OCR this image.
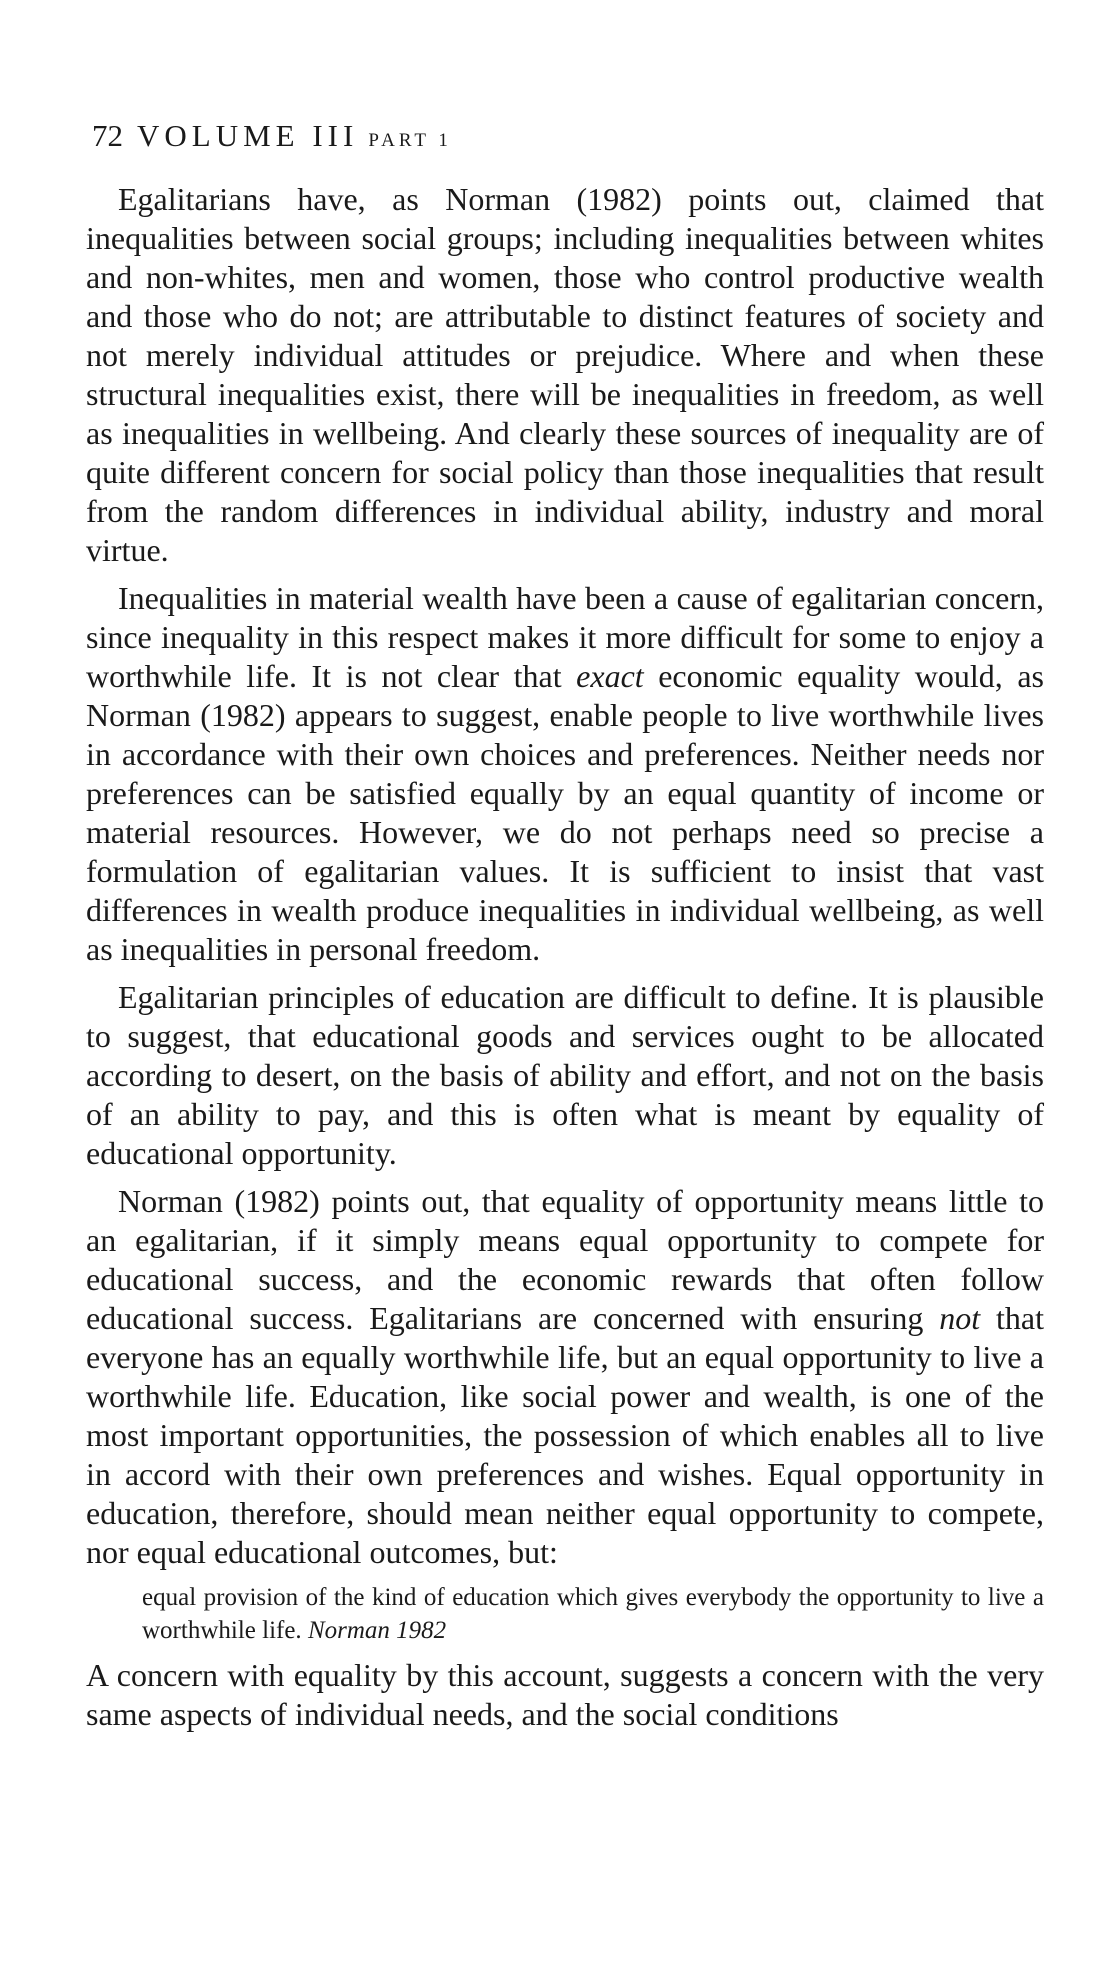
72 VOLUME III PART 1

Egalitarians have, as Norman (1982) points out, claimed that inequalities between social groups; including inequalities between whites and non-whites, men and women, those who control productive wealth and those who do not; are attributable to distinct features of society and not merely individual attitudes or prejudice. Where and when these structural inequalities exist, there will be inequalities in freedom, as well as inequalities in wellbeing. And clearly these sources of inequality are of quite different concern for social policy than those inequalities that result from the random differences in individual ability, industry and moral virtue.

Inequalities in material wealth have been a cause of egalitarian concern, since inequality in this respect makes it more difficult for some to enjoy a worthwhile life. It is not clear that exact economic equality would, as Norman (1982) appears to suggest, enable people to live worthwhile lives in accordance with their own choices and preferences. Neither needs nor preferences can be satisfied equally by an equal quantity of income or material resources. However, we do not perhaps need so precise a formulation of egalitarian values. It is sufficient to insist that vast differences in wealth produce inequalities in individual wellbeing, as well as inequalities in personal freedom.

Egalitarian principles of education are difficult to define. It is plausible to suggest, that educational goods and services ought to be allocated according to desert, on the basis of ability and effort, and not on the basis of an ability to pay, and this is often what is meant by equality of educational opportunity.

Norman (1982) points out, that equality of opportunity means little to an egalitarian, if it simply means equal opportunity to compete for educational success, and the economic rewards that often follow educational success. Egalitarians are concerned with ensuring not that everyone has an equally worthwhile life, but an equal opportunity to live a worthwhile life. Education, like social power and wealth, is one of the most important opportunities, the possession of which enables all to live in accord with their own preferences and wishes. Equal opportunity in education, therefore, should mean neither equal opportunity to compete, nor equal educational outcomes, but:

equal provision of the kind of education which gives everybody the opportunity to live a worthwhile life. Norman 1982

A concern with equality by this account, suggests a concern with the very same aspects of individual needs, and the social conditions
